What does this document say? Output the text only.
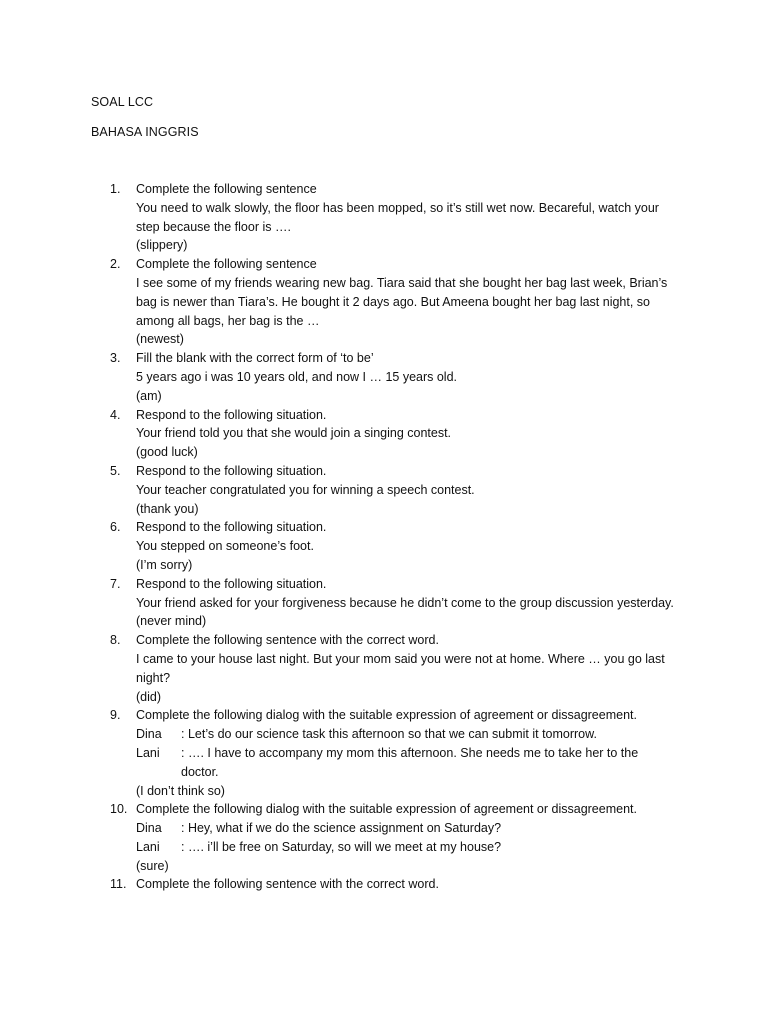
SOAL LCC
BAHASA INGGRIS
1.	Complete the following sentence
You need to walk slowly, the floor has been mopped, so it’s still wet now. Becareful, watch your step because the floor is ….
(slippery)
2.	Complete the following sentence
I see some of my friends wearing new bag. Tiara said that she bought her bag last week, Brian’s bag is newer than Tiara’s. He bought it 2 days ago. But Ameena bought her bag last night, so among all bags, her bag is the …
(newest)
3.	Fill the blank with the correct form of ‘to be’
5 years ago i was 10 years old, and now I … 15 years old.
(am)
4.	Respond to the following situation.
Your friend told you that she would join a singing contest.
(good luck)
5.	Respond to the following situation.
Your teacher congratulated you for winning a speech contest.
(thank you)
6.	Respond to the following situation.
You stepped on someone’s foot.
(I’m sorry)
7.	Respond to the following situation.
Your friend asked for your forgiveness because he didn’t come to the group discussion yesterday.
(never mind)
8.	Complete the following sentence with the correct word.
I came to your house last night. But your mom said you were not at home. Where … you go last night?
(did)
9.	Complete the following dialog with the suitable expression of agreement or dissagreement.
Dina	: Let’s do our science task this afternoon so that we can submit it tomorrow.
Lani	: …. I have to accompany my mom this afternoon. She needs me to take her to the doctor.
(I don’t think so)
10. Complete the following dialog with the suitable expression of agreement or dissagreement.
Dina	: Hey, what if we do the science assignment on Saturday?
Lani	: …. i’ll be free on Saturday, so will we meet at my house?
(sure)
11. Complete the following sentence with the correct word.
